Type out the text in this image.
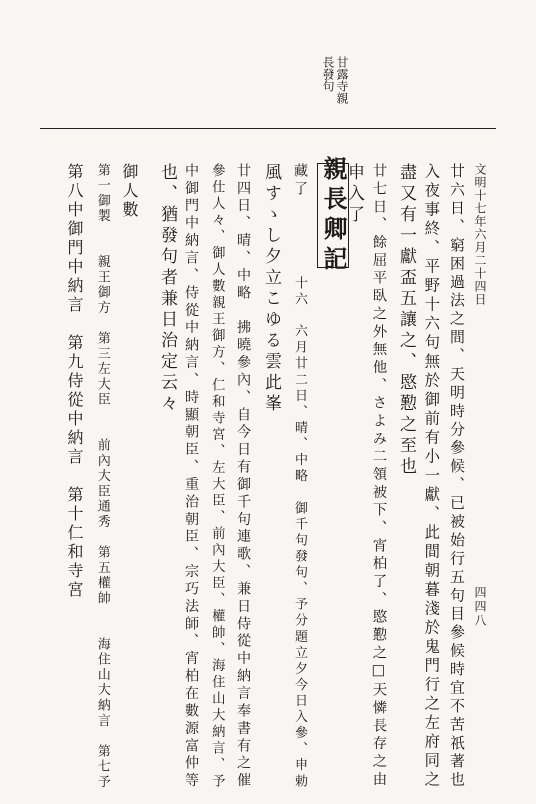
甘露寺親
長發句
文明十七年六月二十四日
四四八
廿六日、窮困過法之間、天明時分參候、已被始行五句目參候時宜不苦祇著也
入夜事終、平野十六句無於御前有小一獻、此間朝暮淺於鬼門行之左府同之
盡又有一獻盃五讓之、愍懃之至也
廿七日、餘屈平臥之外無他、さよみ二領被下、宵柏了、愍懃之□天憐長存之由
申入了
親長卿記
十六　六月廿二日、晴、中略　御千句發句、予分題立夕今日入參、申勅
藏了
風すゝし夕立こゆる雲此峯
廿四日、晴、中略　拂曉參內、自今日有御千句連歌、兼日侍從中納言奉書有之催
參仕人々、御人數親王御方、仁和寺宮、左大臣、前內大臣、權帥、海住山大納言、予
中御門中納言、侍從中納言、時顯朝臣、重治朝臣、宗巧法師、宵柏在數源富仲等
也、猶發句者兼日治定云々
御人數
第一御製　　親王御方　第三左大臣　　前內大臣通秀　第五權帥　　海住山大納言　第七予
第八中御門中納言　第九侍從中納言　第十仁和寺宮
